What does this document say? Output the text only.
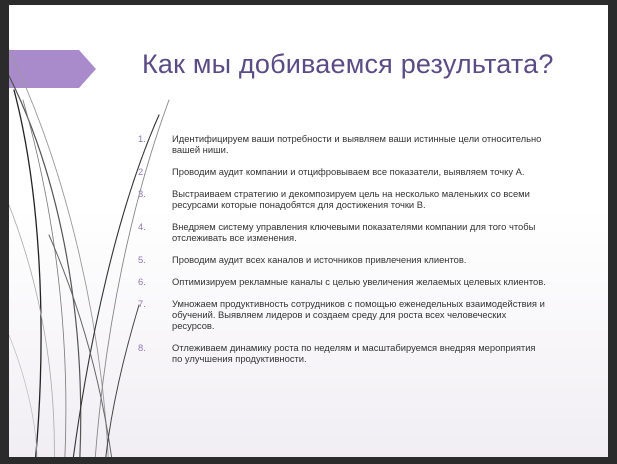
Как мы добиваемся результата?
1.	Идентифицируем ваши потребности и выявляем ваши истинные цели относительно вашей ниши.
2.	Проводим аудит компании и отцифровываем все показатели, выявляем точку А.
3.	Выстраиваем стратегию и декомпозируем цель на несколько маленьких со всеми ресурсами которые понадобятся для достижения точки В.
4.	Внедряем систему управления ключевыми показателями компании для того чтобы отслеживать все изменения.
5.	Проводим аудит всех каналов и источников привлечения клиентов.
6.	Оптимизируем рекламные каналы с целью увеличения желаемых целевых клиентов.
7.	Умножаем продуктивность сотрудников с помощью еженедельных взаимодействия и обучений. Выявляем лидеров и создаем среду для роста всех человеческих ресурсов.
8.	Отлеживаем динамику роста по неделям и масштабируемся внедряя мероприятия по улучшения продуктивности.
